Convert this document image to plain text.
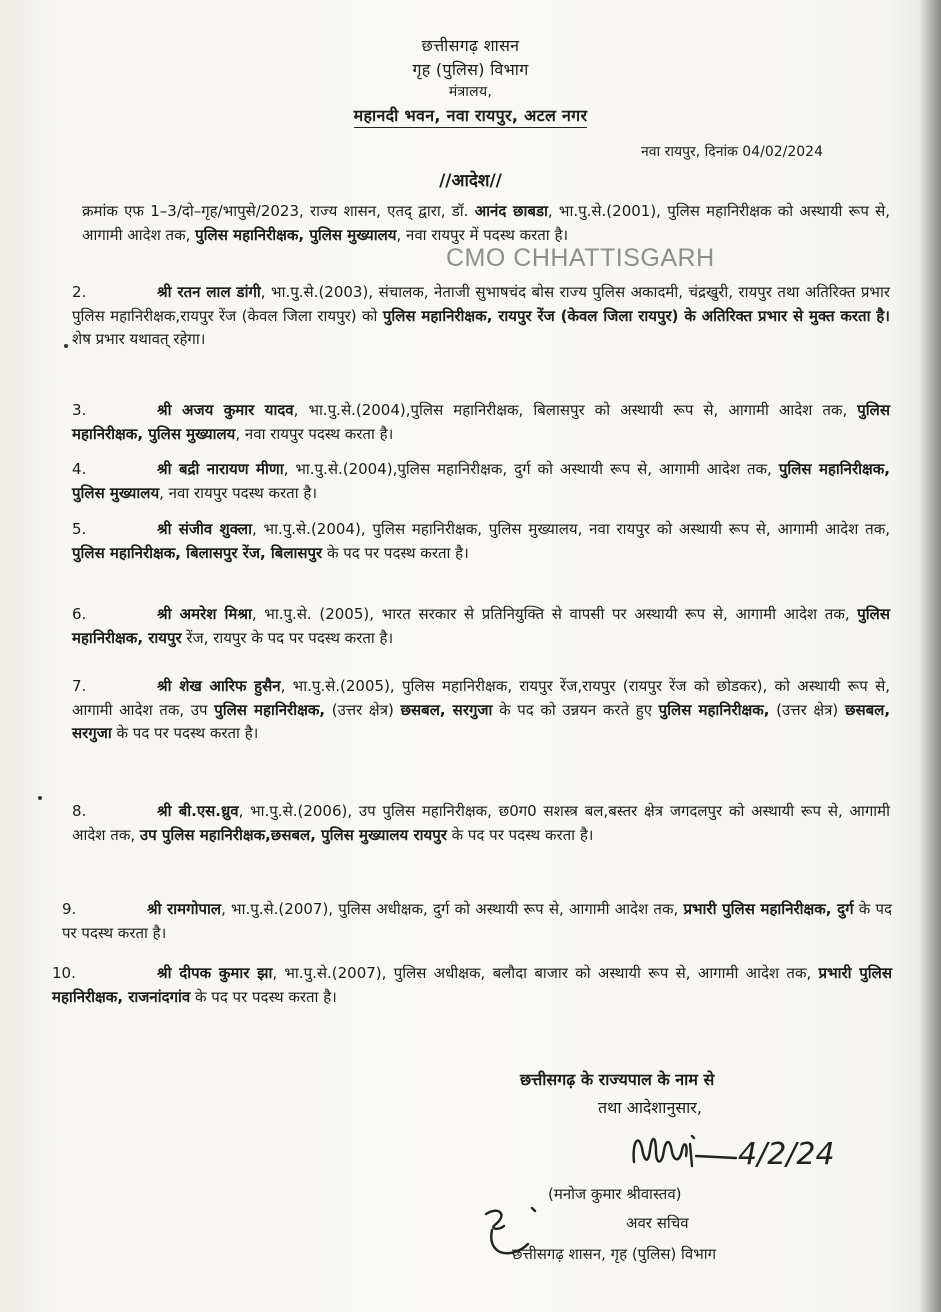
छत्तीसगढ़ शासन
गृह (पुलिस) विभाग
मंत्रालय,
महानदी भवन, नवा रायपुर, अटल नगर
नवा रायपुर, दिनांक 04/02/2024
//आदेश//
क्रमांक एफ 1–3/दो–गृह/भापुसे/2023, राज्य शासन, एतद् द्वारा, डॉ. आनंद छाबडा, भा.पु.से.(2001), पुलिस महानिरीक्षक को अस्थायी रूप से, आगामी आदेश तक, पुलिस महानिरीक्षक, पुलिस मुख्यालय, नवा रायपुर में पदस्थ करता है।
CMO CHHATTISGARH
2.	श्री रतन लाल डांगी, भा.पु.से.(2003), संचालक, नेताजी सुभाषचंद बोस राज्य पुलिस अकादमी, चंद्रखुरी, रायपुर तथा अतिरिक्त प्रभार पुलिस महानिरीक्षक,रायपुर रेंज (केवल जिला रायपुर) को पुलिस महानिरीक्षक, रायपुर रेंज (केवल जिला रायपुर) के अतिरिक्त प्रभार से मुक्त करता है। शेष प्रभार यथावत् रहेगा।
3.	श्री अजय कुमार यादव, भा.पु.से.(2004),पुलिस महानिरीक्षक, बिलासपुर को अस्थायी रूप से, आगामी आदेश तक, पुलिस महानिरीक्षक, पुलिस मुख्यालय, नवा रायपुर पदस्थ करता है।
4.	श्री बद्री नारायण मीणा, भा.पु.से.(2004),पुलिस महानिरीक्षक, दुर्ग को अस्थायी रूप से, आगामी आदेश तक, पुलिस महानिरीक्षक, पुलिस मुख्यालय, नवा रायपुर पदस्थ करता है।
5.	श्री संजीव शुक्ला, भा.पु.से.(2004), पुलिस महानिरीक्षक, पुलिस मुख्यालय, नवा रायपुर को अस्थायी रूप से, आगामी आदेश तक, पुलिस महानिरीक्षक, बिलासपुर रेंज, बिलासपुर के पद पर पदस्थ करता है।
6.	श्री अमरेश मिश्रा, भा.पु.से. (2005), भारत सरकार से प्रतिनियुक्ति से वापसी पर अस्थायी रूप से, आगामी आदेश तक, पुलिस महानिरीक्षक, रायपुर रेंज, रायपुर के पद पर पदस्थ करता है।
7.	श्री शेख आरिफ हुसैन, भा.पु.से.(2005), पुलिस महानिरीक्षक, रायपुर रेंज,रायपुर (रायपुर रेंज को छोडकर), को अस्थायी रूप से, आगामी आदेश तक, उप पुलिस महानिरीक्षक, (उत्तर क्षेत्र) छसबल, सरगुजा के पद को उन्नयन करते हुए पुलिस महानिरीक्षक, (उत्तर क्षेत्र) छसबल, सरगुजा के पद पर पदस्थ करता है।
8.	श्री बी.एस.ध्रुव, भा.पु.से.(2006), उप पुलिस महानिरीक्षक, छ0ग0 सशस्त्र बल,बस्तर क्षेत्र जगदलपुर को अस्थायी रूप से, आगामी आदेश तक, उप पुलिस महानिरीक्षक,छसबल, पुलिस मुख्यालय रायपुर के पद पर पदस्थ करता है।
9.	श्री रामगोपाल, भा.पु.से.(2007), पुलिस अधीक्षक, दुर्ग को अस्थायी रूप से, आगामी आदेश तक, प्रभारी पुलिस महानिरीक्षक, दुर्ग के पद पर पदस्थ करता है।
10.	श्री दीपक कुमार झा, भा.पु.से.(2007), पुलिस अधीक्षक, बलौदा बाजार को अस्थायी रूप से, आगामी आदेश तक, प्रभारी पुलिस महानिरीक्षक, राजनांदगांव के पद पर पदस्थ करता है।
छत्तीसगढ़ के राज्यपाल के नाम से
तथा आदेशानुसार,
4/2/24
(मनोज कुमार श्रीवास्तव)
अवर सचिव
छत्तीसगढ़ शासन, गृह (पुलिस) विभाग
